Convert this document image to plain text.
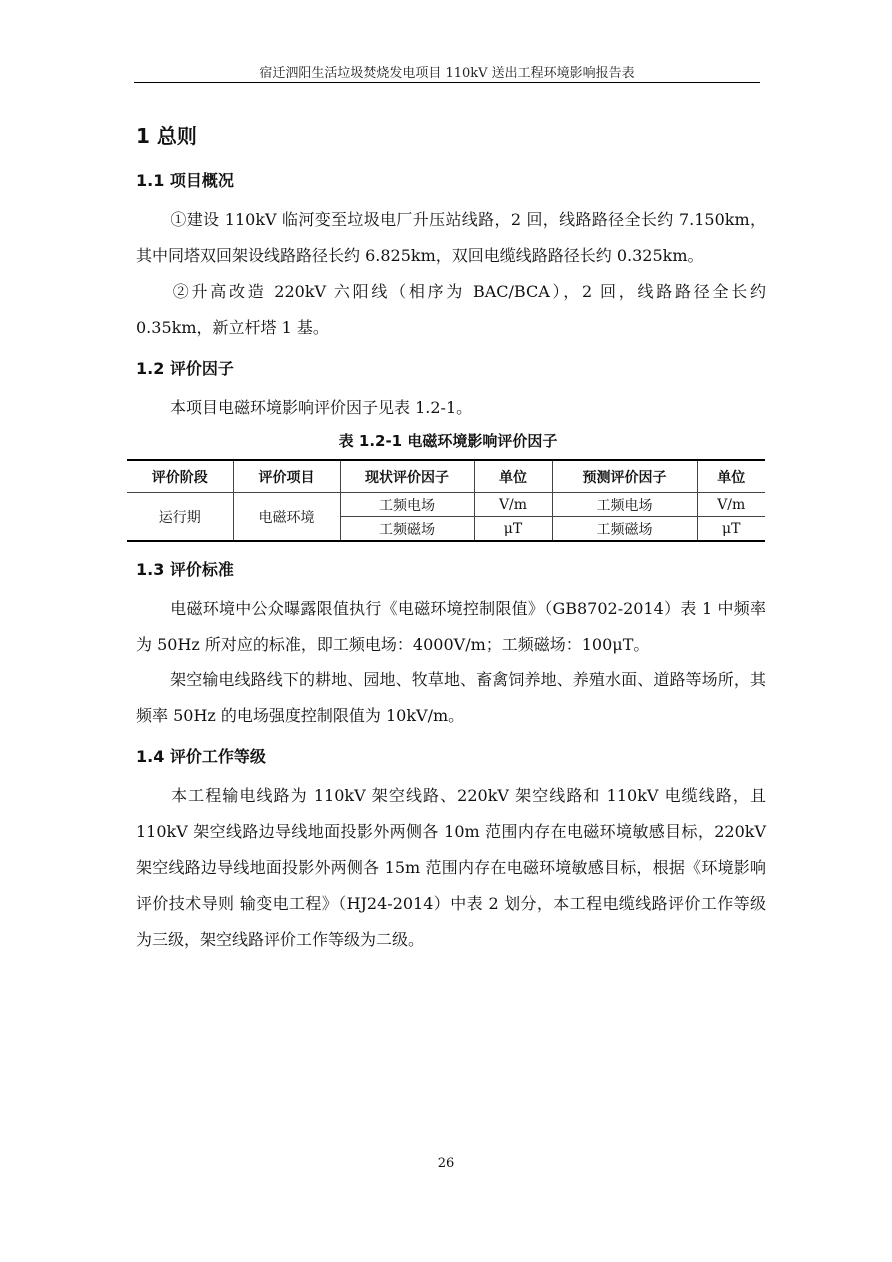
宿迁泗阳生活垃圾焚烧发电项目 110kV 送出工程环境影响报告表
1 总则
1.1 项目概况
①建设 110kV 临河变至垃圾电厂升压站线路，2 回，线路路径全长约 7.150km，其中同塔双回架设线路路径长约 6.825km，双回电缆线路路径长约 0.325km。
②升高改造 220kV 六阳线（相序为 BAC/BCA），2 回，线路路径全长约 0.35km，新立杆塔 1 基。
1.2 评价因子
本项目电磁环境影响评价因子见表 1.2-1。
表 1.2-1 电磁环境影响评价因子
评价阶段	评价项目	现状评价因子	单位	预测评价因子	单位
运行期	电磁环境	工频电场	V/m	工频电场	V/m
		工频磁场	μT	工频磁场	μT
1.3 评价标准
电磁环境中公众曝露限值执行《电磁环境控制限值》（GB8702-2014）表 1 中频率为 50Hz 所对应的标准，即工频电场：4000V/m；工频磁场：100μT。
架空输电线路线下的耕地、园地、牧草地、畜禽饲养地、养殖水面、道路等场所，其频率 50Hz 的电场强度控制限值为 10kV/m。
1.4 评价工作等级
本工程输电线路为 110kV 架空线路、220kV 架空线路和 110kV 电缆线路，且 110kV 架空线路边导线地面投影外两侧各 10m 范围内存在电磁环境敏感目标，220kV 架空线路边导线地面投影外两侧各 15m 范围内存在电磁环境敏感目标，根据《环境影响评价技术导则 输变电工程》（HJ24-2014）中表 2 划分，本工程电缆线路评价工作等级为三级，架空线路评价工作等级为二级。
26
